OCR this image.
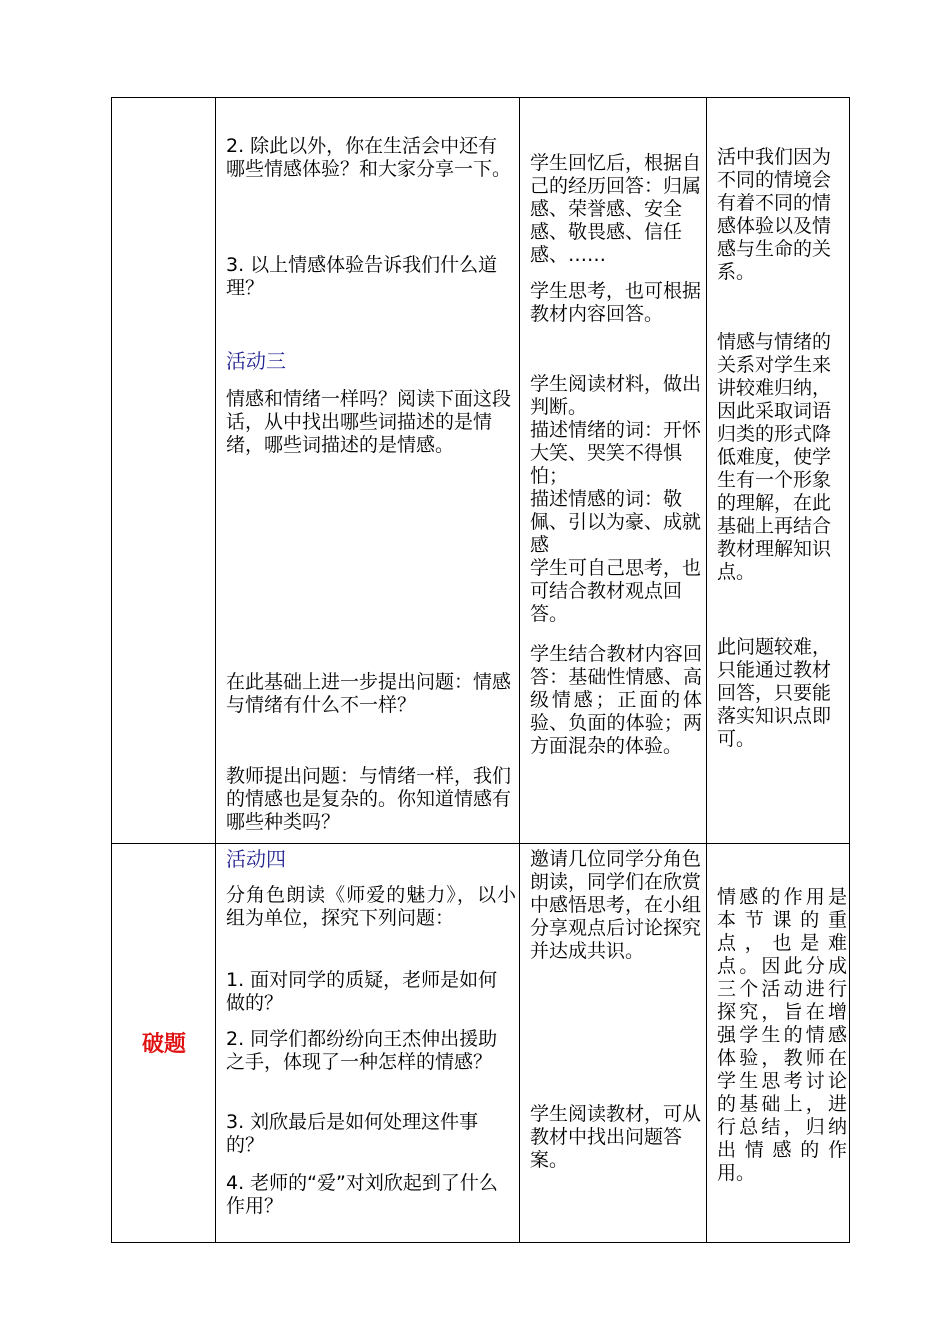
2. 除此以外，你在生活会中还有哪些情感体验？和大家分享一下。

3. 以上情感体验告诉我们什么道理？

活动三

情感和情绪一样吗？阅读下面这段话，从中找出哪些词描述的是情绪，哪些词描述的是情感。

在此基础上进一步提出问题：情感与情绪有什么不一样？

教师提出问题：与情绪一样，我们的情感也是复杂的。你知道情感有哪些种类吗？

学生回忆后，根据自己的经历回答：归属感、荣誉感、安全感、敬畏感、信任感、……

学生思考，也可根据教材内容回答。

学生阅读材料，做出判断。
描述情绪的词：开怀大笑、哭笑不得惧怕；
描述情感的词：敬佩、引以为豪、成就感
学生可自己思考，也可结合教材观点回答。

学生结合教材内容回答：基础性情感、高级情感；正面的体验、负面的体验；两方面混杂的体验。

活中我们因为不同的情境会有着不同的情感体验以及情感与生命的关系。

情感与情绪的关系对学生来讲较难归纳，因此采取词语归类的形式降低难度，使学生有一个形象的理解，在此基础上再结合教材理解知识点。

此问题较难，只能通过教材回答，只要能落实知识点即可。

破题

活动四

分角色朗读《师爱的魅力》，以小组为单位，探究下列问题：

1. 面对同学的质疑，老师是如何做的？

2. 同学们都纷纷向王杰伸出援助之手，体现了一种怎样的情感？

3. 刘欣最后是如何处理这件事的？

4. 老师的“爱”对刘欣起到了什么作用？

邀请几位同学分角色朗读，同学们在欣赏中感悟思考，在小组分享观点后讨论探究并达成共识。

学生阅读教材，可从教材中找出问题答案。

情感的作用是本节课的重点，也是难点。因此分成三个活动进行探究，旨在增强学生的情感体验，教师在学生思考讨论的基础上，进行总结，归纳出情感的作用。
